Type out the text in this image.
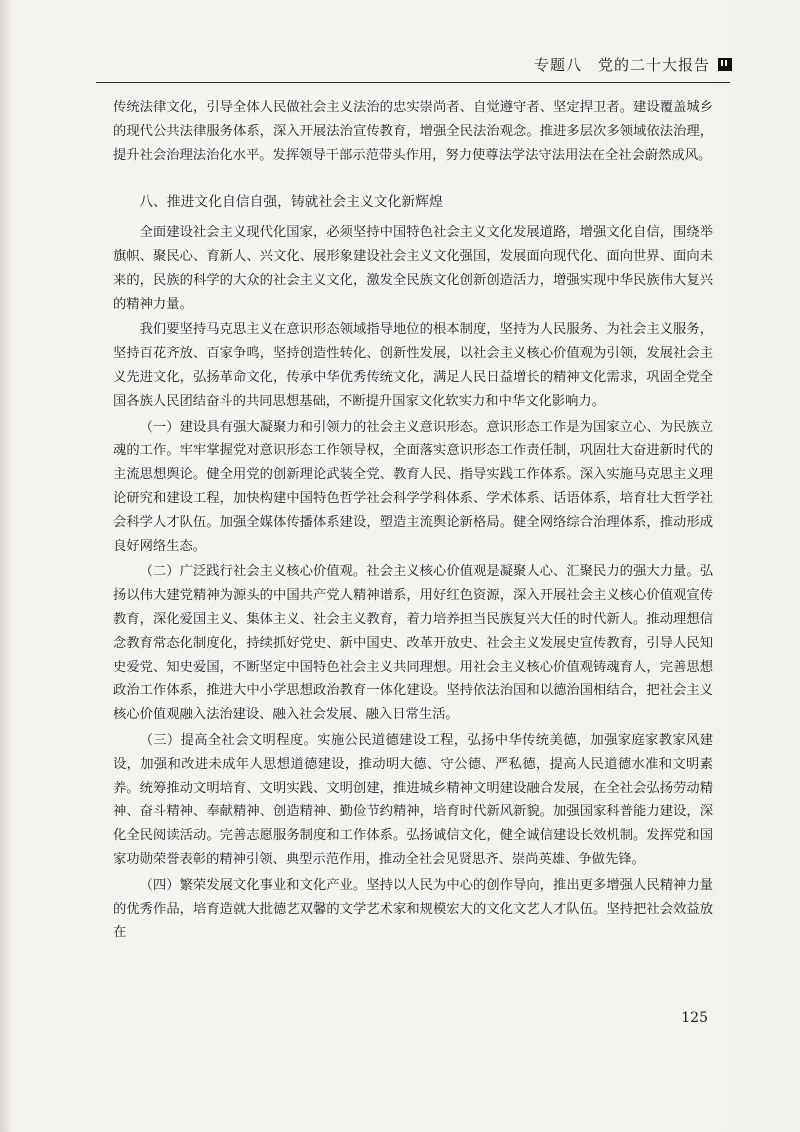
专题八　党的二十大报告

传统法律文化，引导全体人民做社会主义法治的忠实崇尚者、自觉遵守者、坚定捍卫者。建设覆盖城乡的现代公共法律服务体系，深入开展法治宣传教育，增强全民法治观念。推进多层次多领域依法治理，提升社会治理法治化水平。发挥领导干部示范带头作用，努力使尊法学法守法用法在全社会蔚然成风。

八、推进文化自信自强，铸就社会主义文化新辉煌

全面建设社会主义现代化国家，必须坚持中国特色社会主义文化发展道路，增强文化自信，围绕举旗帜、聚民心、育新人、兴文化、展形象建设社会主义文化强国，发展面向现代化、面向世界、面向未来的，民族的科学的大众的社会主义文化，激发全民族文化创新创造活力，增强实现中华民族伟大复兴的精神力量。

我们要坚持马克思主义在意识形态领域指导地位的根本制度，坚持为人民服务、为社会主义服务，坚持百花齐放、百家争鸣，坚持创造性转化、创新性发展，以社会主义核心价值观为引领，发展社会主义先进文化，弘扬革命文化，传承中华优秀传统文化，满足人民日益增长的精神文化需求，巩固全党全国各族人民团结奋斗的共同思想基础，不断提升国家文化软实力和中华文化影响力。

（一）建设具有强大凝聚力和引领力的社会主义意识形态。意识形态工作是为国家立心、为民族立魂的工作。牢牢掌握党对意识形态工作领导权，全面落实意识形态工作责任制，巩固壮大奋进新时代的主流思想舆论。健全用党的创新理论武装全党、教育人民、指导实践工作体系。深入实施马克思主义理论研究和建设工程，加快构建中国特色哲学社会科学学科体系、学术体系、话语体系，培育壮大哲学社会科学人才队伍。加强全媒体传播体系建设，塑造主流舆论新格局。健全网络综合治理体系，推动形成良好网络生态。

（二）广泛践行社会主义核心价值观。社会主义核心价值观是凝聚人心、汇聚民力的强大力量。弘扬以伟大建党精神为源头的中国共产党人精神谱系，用好红色资源，深入开展社会主义核心价值观宣传教育，深化爱国主义、集体主义、社会主义教育，着力培养担当民族复兴大任的时代新人。推动理想信念教育常态化制度化，持续抓好党史、新中国史、改革开放史、社会主义发展史宣传教育，引导人民知史爱党、知史爱国，不断坚定中国特色社会主义共同理想。用社会主义核心价值观铸魂育人，完善思想政治工作体系，推进大中小学思想政治教育一体化建设。坚持依法治国和以德治国相结合，把社会主义核心价值观融入法治建设、融入社会发展、融入日常生活。

（三）提高全社会文明程度。实施公民道德建设工程，弘扬中华传统美德，加强家庭家教家风建设，加强和改进未成年人思想道德建设，推动明大德、守公德、严私德，提高人民道德水准和文明素养。统筹推动文明培育、文明实践、文明创建，推进城乡精神文明建设融合发展，在全社会弘扬劳动精神、奋斗精神、奉献精神、创造精神、勤俭节约精神，培育时代新风新貌。加强国家科普能力建设，深化全民阅读活动。完善志愿服务制度和工作体系。弘扬诚信文化，健全诚信建设长效机制。发挥党和国家功勋荣誉表彰的精神引领、典型示范作用，推动全社会见贤思齐、崇尚英雄、争做先锋。

（四）繁荣发展文化事业和文化产业。坚持以人民为中心的创作导向，推出更多增强人民精神力量的优秀作品，培育造就大批德艺双馨的文学艺术家和规模宏大的文化文艺人才队伍。坚持把社会效益放在

125
